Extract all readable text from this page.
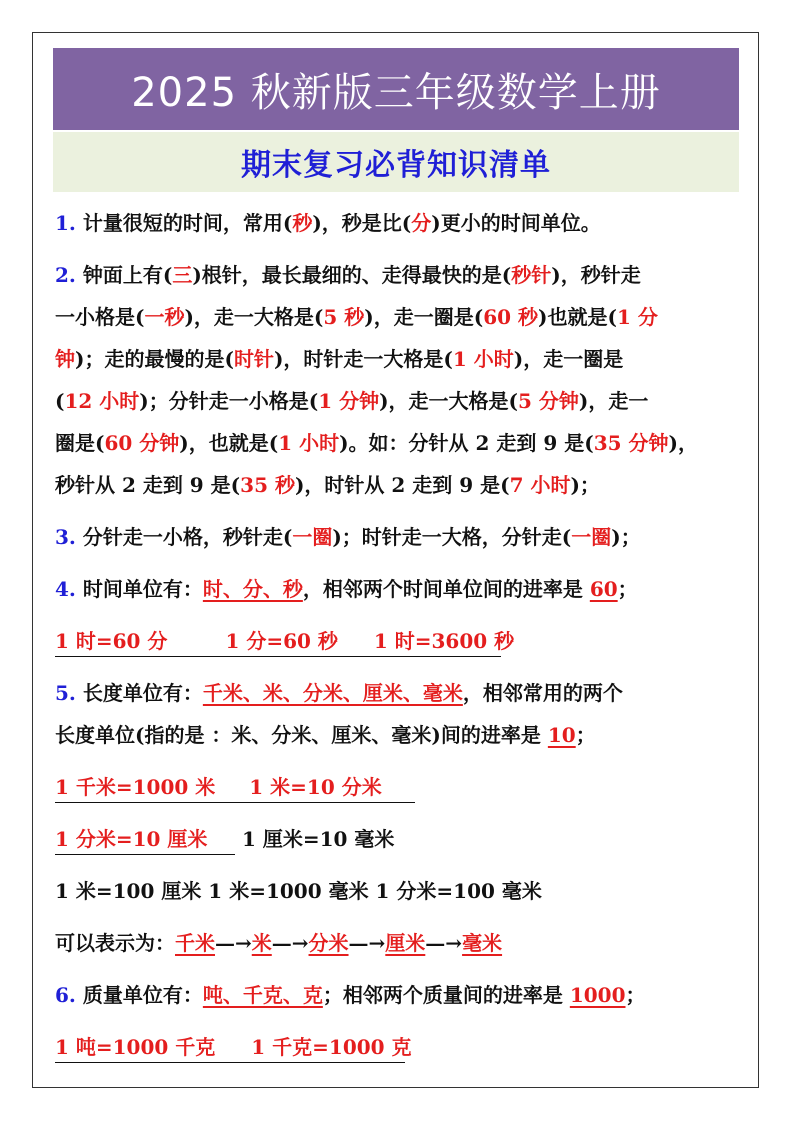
2025 秋新版三年级数学上册
期末复习必背知识清单

1. 计量很短的时间，常用(秒)，秒是比(分)更小的时间单位。

2. 钟面上有(三)根针，最长最细的、走得最快的是(秒针)，秒针走

一小格是(一秒)，走一大格是(5 秒)，走一圈是(60 秒)也就是(1 分

钟)；走的最慢的是(时针)，时针走一大格是(1 小时)，走一圈是

(12 小时)；分针走一小格是(1 分钟)，走一大格是(5 分钟)，走一

圈是(60 分钟)，也就是(1 小时)。如：分针从 2 走到 9 是(35 分钟)，

秒针从 2 走到 9 是(35 秒)，时针从 2 走到 9 是(7 小时)；

3. 分针走一小格，秒针走(一圈)；时针走一大格，分针走(一圈)；

4. 时间单位有：时、分、秒，相邻两个时间单位间的进率是 60；

1 时=60 分	1 分=60 秒 1 时=3600 秒

5. 长度单位有：千米、米、分米、厘米、毫米，相邻常用的两个

长度单位(指的是 ：米、分米、厘米、毫米)间的进率是 10；

1 千米=1000 米 1 米=10 分米

1 分米=10 厘米 1 厘米=10 毫米

1 米=100 厘米 1 米=1000 毫米 1 分米=100 毫米

可以表示为：千米—→米—→分米—→厘米—→毫米

6. 质量单位有：吨、千克、克；相邻两个质量间的进率是 1000；

1 吨=1000 千克 1 千克=1000 克
